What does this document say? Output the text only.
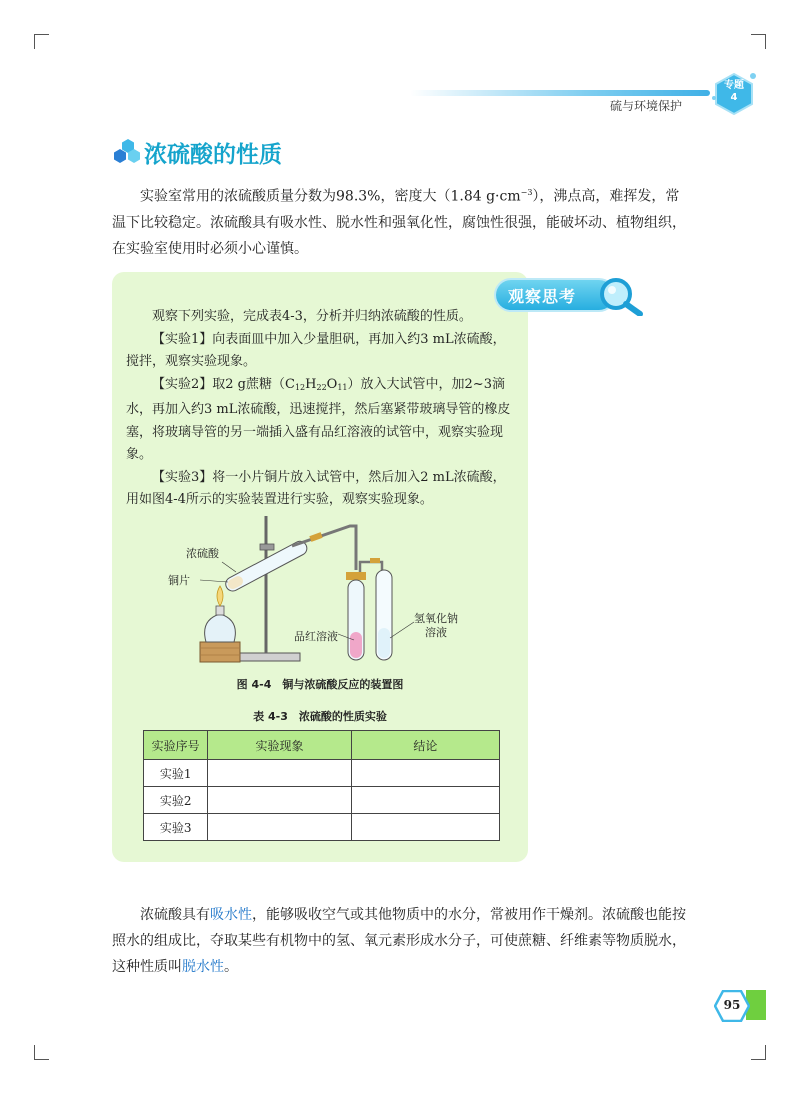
硫与环境保护
专题
4
浓硫酸的性质
实验室常用的浓硫酸质量分数为98.3%，密度大（1.84 $g\cdot cm^{-3}$），沸点高，难挥发，常温下比较稳定。浓硫酸具有吸水性、脱水性和强氧化性，腐蚀性很强，能破坏动、植物组织，在实验室使用时必须小心谨慎。
观察思考

观察下列实验，完成表4-3，分析并归纳浓硫酸的性质。

【实验1】向表面皿中加入少量胆矾，再加入约3 mL浓硫酸，搅拌，观察实验现象。

【实验2】取2 g蔗糖$(C_{12}H_{22}O_{11})$放入大试管中，加2~3滴水，再加入约3 mL浓硫酸，迅速搅拌，然后塞紧带玻璃导管的橡皮塞，将玻璃导管的另一端插入盛有品红溶液的试管中，观察实验现象。

【实验3】将一小片铜片放入试管中，然后加入2 mL浓硫酸，用如图4-4所示的实验装置进行实验，观察实验现象。

浓硫酸
铜片
品红溶液
氢氧化钠
溶液
图 4-4　铜与浓硫酸反应的装置图
表 4-3　浓硫酸的性质实验
实验序号	实验现象	结论
实验1		
实验2		
实验3		
浓硫酸具有吸水性，能够吸收空气或其他物质中的水分，常被用作干燥剂。浓硫酸也能按照水的组成比，夺取某些有机物中的氢、氧元素形成水分子，可使蔗糖、纤维素等物质脱水，这种性质叫脱水性。
95
